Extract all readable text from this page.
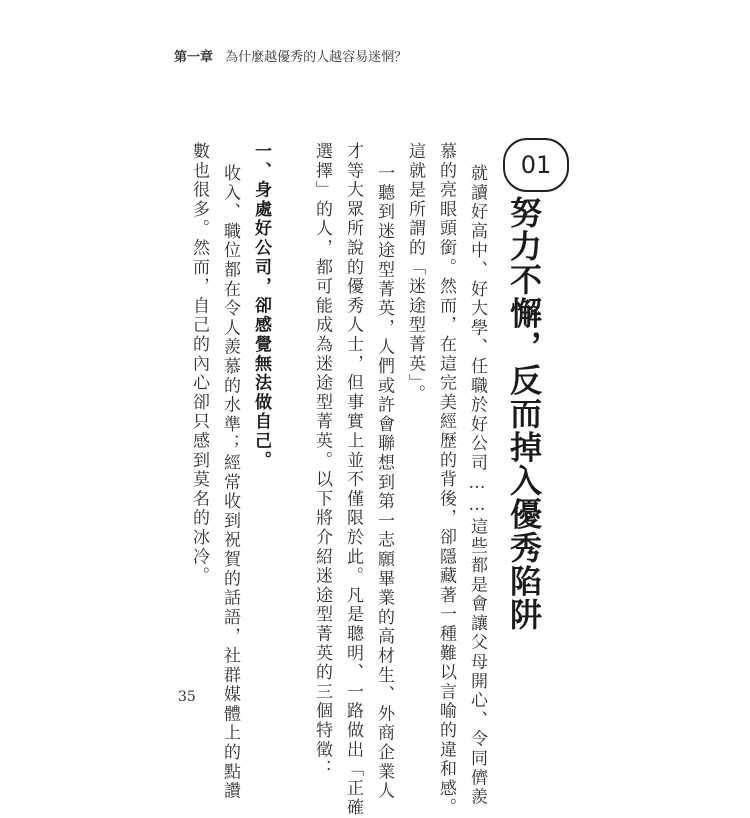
第一章 為什麼越優秀的人越容易迷惘？
01
努力不懈，反而掉入優秀陷阱
就讀好高中、好大學、任職於好公司……這些都是會讓父母開心、令同儕羨
慕的亮眼頭銜。然而，在這完美經歷的背後，卻隱藏著一種難以言喻的違和感。
這就是所謂的「迷途型菁英」。
一聽到迷途型菁英，人們或許會聯想到第一志願畢業的高材生、外商企業人
才等大眾所說的優秀人士，但事實上並不僅限於此。凡是聰明、一路做出「正確
選擇」的人，都可能成為迷途型菁英。以下將介紹迷途型菁英的三個特徵：
一、身處好公司，卻感覺無法做自己。
收入、職位都在令人羨慕的水準；經常收到祝賀的話語，社群媒體上的點讚
數也很多。然而，自己的內心卻只感到莫名的冰冷。
35
